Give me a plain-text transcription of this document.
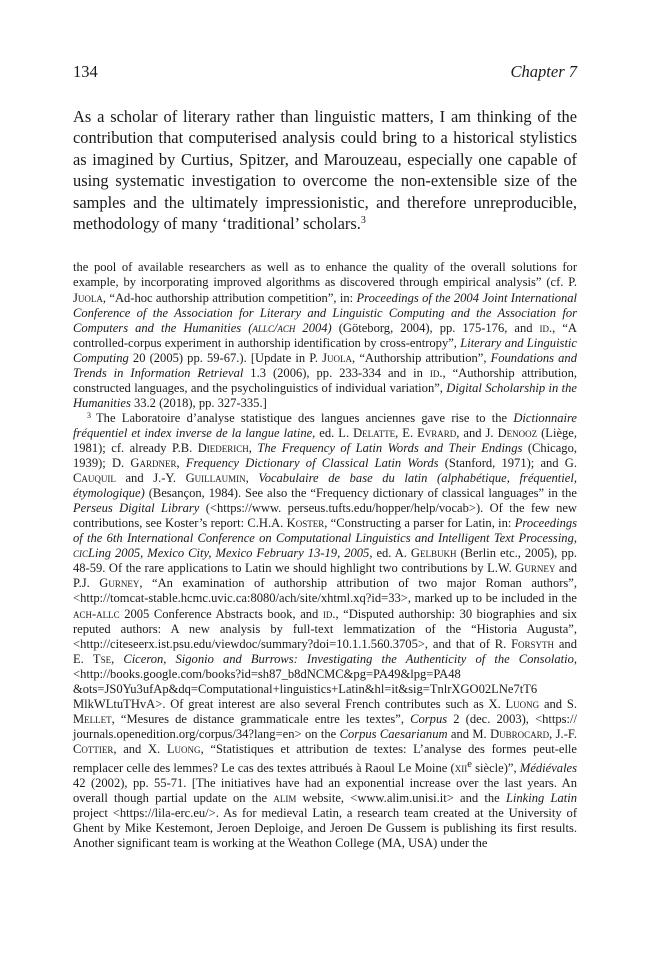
134	Chapter 7
As a scholar of literary rather than linguistic matters, I am thinking of the contribution that computerised analysis could bring to a historical stylistics as imagined by Curtius, Spitzer, and Marouzeau, especially one capable of using systematic investigation to overcome the non-extensible size of the samples and the ultimately impressionistic, and therefore unreproducible, methodology of many ‘traditional’ scholars.$^3$

the pool of available researchers as well as to enhance the quality of the overall solutions for example, by incorporating improved algorithms as discovered through empirical analysis” (cf. P. Juola, “Ad-hoc authorship attribution competition”, in: Proceedings of the 2004 Joint International Conference of the Association for Literary and Linguistic Computing and the Association for Computers and the Humanities (allc/ach 2004) (Göteborg, 2004), pp. 175-176, and id., “A controlled-corpus experiment in authorship identification by cross-entropy”, Literary and Linguistic Computing 20 (2005) pp. 59-67.). [Update in P. Juola, “Authorship attribution”, Foundations and Trends in Information Retrieval 1.3 (2006), pp. 233-334 and in id., “Authorship attribution, constructed languages, and the psycholinguistics of individual variation”, Digital Scholarship in the Humanities 33.2 (2018), pp. 327-335.]

$^3$ The Laboratoire d’analyse statistique des langues anciennes gave rise to the Dictionnaire fréquentiel et index inverse de la langue latine, ed. L. Delatte, E. Evrard, and J. Denooz (Liège, 1981); cf. already P.B. Diederich, The Frequency of Latin Words and Their Endings (Chicago, 1939); D. Gardner, Frequency Dictionary of Classical Latin Words (Stanford, 1971); and G. Cauquil and J.-Y. Guillaumin, Vocabulaire de base du latin (alphabétique, fréquentiel, étymologique) (Besançon, 1984). See also the “Frequency dictionary of classical languages” in the Perseus Digital Library (<https://www. perseus.tufts.edu/hopper/help/vocab>). Of the few new contributions, see Koster’s report: C.H.A. Koster, “Constructing a parser for Latin, in: Proceedings of the 6th International Conference on Computational Linguistics and Intelligent Text Processing, cicLing 2005, Mexico City, Mexico February 13-19, 2005, ed. A. Gelbukh (Berlin etc., 2005), pp. 48-59. Of the rare applications to Latin we should highlight two contributions by L.W. Gurney and P.J. Gurney, “An examination of authorship attribution of two major Roman authors”, <http://tomcat-stable.hcmc.uvic.ca:8080/ach/site/xhtml.xq?id=33>, marked up to be included in the ach-allc 2005 Conference Abstracts book, and id., “Disputed authorship: 30 biographies and six reputed authors: A new analysis by full-text lemmatization of the “Historia Augusta”, <http://citeseerx.ist.psu.edu/viewdoc/summary?doi=10.1.1.560.3705>, and that of R. Forsyth and E. Tse, Ciceron, Sigonio and Burrows: Investigating the Authenticity of the Consolatio, <http://books.google.com/books?id=sh87_b8dNCMC&pg=PA49&lpg=PA48 &ots=JS0Yu3ufAp&dq=Computational+linguistics+Latin&hl=it&sig=TnlrXGO02LNe7tT6 MlkWLtuTHvA>. Of great interest are also several French contributes such as X. Luong and S. Mellet, “Mesures de distance grammaticale entre les textes”, Corpus 2 (dec. 2003), <https:// journals.openedition.org/corpus/34?lang=en> on the Corpus Caesarianum and M. Dubrocard, J.-F. Cottier, and X. Luong, “Statistiques et attribution de textes: L’analyse des formes peut-elle remplacer celle des lemmes? Le cas des textes attribués à Raoul Le Moine (xii$^e$ siècle)”, Médiévales 42 (2002), pp. 55-71. [The initiatives have had an exponential increase over the last years. An overall though partial update on the alim website, <www.alim.unisi.it> and the Linking Latin project <https://lila-erc.eu/>. As for medieval Latin, a research team created at the University of Ghent by Mike Kestemont, Jeroen Deploige, and Jeroen De Gussem is publishing its first results. Another significant team is working at the Weathon College (MA, USA) under the
